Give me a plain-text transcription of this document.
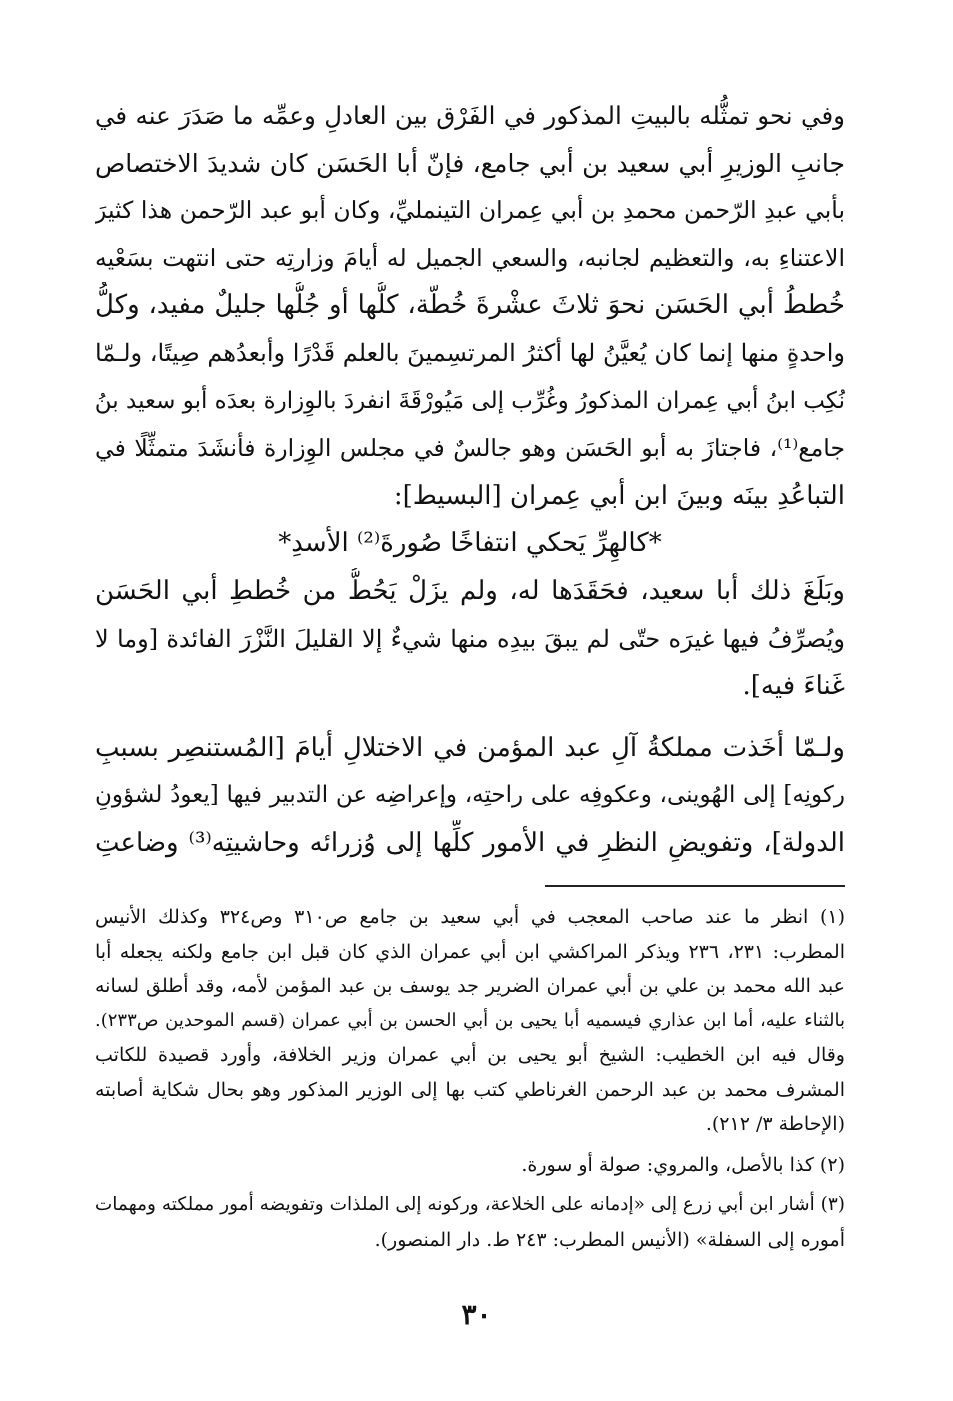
وفي نحو تمثُّله بالبيتِ المذكور في الفَرْق بين العادلِ وعمِّه ما صَدَرَ عنه في
جانبِ الوزيرِ أبي سعيد بن أبي جامع، فإنّ أبا الحَسَن كان شديدَ الاختصاص
بأبي عبدِ الرّحمن محمدِ بن أبي عِمران التينمليِّ، وكان أبو عبد الرّحمن هذا كثيرَ
الاعتناءِ به، والتعظيم لجانبه، والسعي الجميل له أيامَ وزارتِه حتى انتهت بسَعْيه
خُططُ أبي الحَسَن نحوَ ثلاثَ عشْرةَ خُطّة، كلُّها أو جُلُّها جليلٌ مفيد، وكلُّ
واحدةٍ منها إنما كان يُعيَّنُ لها أكثرُ المرتسِمينَ بالعلم قَدْرًا وأبعدُهم صِيتًا، ولـمّا
نُكِب ابنُ أبي عِمران المذكورُ وغُرِّب إلى مَيُورْقَةَ انفردَ بالوِزارة بعدَه أبو سعيد بنُ
جامع⁽¹⁾، فاجتازَ به أبو الحَسَن وهو جالسٌ في مجلس الوِزارة فأنشَدَ متمثِّلًا في
التباعُدِ بينَه وبينَ ابن أبي عِمران [البسيط]:
*كالهِرِّ يَحكي انتفاخًا صُورةَ⁽²⁾ الأسدِ*
وبَلَغَ ذلك أبا سعيد، فحَقَدَها له، ولم يزَلْ يَحُطُّ من خُططِ أبي الحَسَن
ويُصرِّفُ فيها غيرَه حتّى لم يبقَ بيدِه منها شيءٌ إلا القليلَ النَّزْرَ الفائدة [وما لا
غَناءَ فيه].
ولـمّا أخَذت مملكةُ آلِ عبد المؤمن في الاختلالِ أيامَ [المُستنصِر بسببِ
ركونِه] إلى الهُوينى، وعكوفِه على راحتِه، وإعراضِه عن التدبير فيها [يعودُ لشؤونِ
الدولة]، وتفويضِ النظرِ في الأمور كلِّها إلى وُزرائه وحاشيتِه⁽³⁾ وضاعتِ
(١) انظر ما عند صاحب المعجب في أبي سعيد بن جامع ص٣١٠ وص٣٢٤ وكذلك الأنيس
المطرب: ٢٣١، ٢٣٦ ويذكر المراكشي ابن أبي عمران الذي كان قبل ابن جامع ولكنه يجعله أبا
عبد الله محمد بن علي بن أبي عمران الضرير جد يوسف بن عبد المؤمن لأمه، وقد أطلق لسانه
بالثناء عليه، أما ابن عذاري فيسميه أبا يحيى بن أبي الحسن بن أبي عمران (قسم الموحدين ص٢٣٣).
وقال فيه ابن الخطيب: الشيخ أبو يحيى بن أبي عمران وزير الخلافة، وأورد قصيدة للكاتب
المشرف محمد بن عبد الرحمن الغرناطي كتب بها إلى الوزير المذكور وهو بحال شكاية أصابته
(الإحاطة ٣/ ٢١٢).
(٢) كذا بالأصل، والمروي: صولة أو سورة.
(٣) أشار ابن أبي زرع إلى «إدمانه على الخلاعة، وركونه إلى الملذات وتفويضه أمور مملكته ومهمات
أموره إلى السفلة» (الأنيس المطرب: ٢٤٣ ط. دار المنصور).
٣٠
